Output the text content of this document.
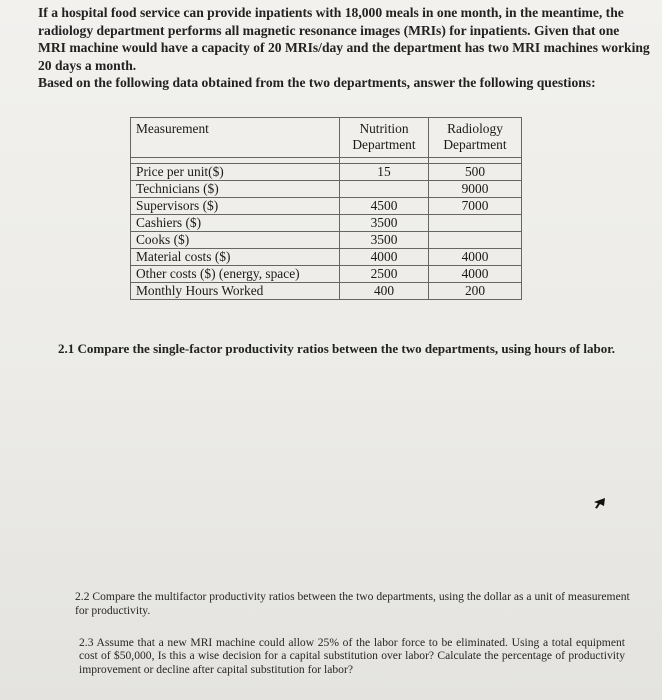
If a hospital food service can provide inpatients with 18,000 meals in one month, in the meantime, the radiology department performs all magnetic resonance images (MRIs) for inpatients. Given that one MRI machine would have a capacity of 20 MRIs/day and the department has two MRI machines working 20 days a month.

Based on the following data obtained from the two departments, answer the following questions:

Measurement	Nutrition Department	Radiology Department

Price per unit($)	15	500
Technicians ($)		9000
Supervisors ($)	4500	7000
Cashiers ($)	3500	
Cooks ($)	3500	
Material costs ($)	4000	4000
Other costs ($) (energy, space)	2500	4000
Monthly Hours Worked	400	200
2.1 Compare the single-factor productivity ratios between the two departments, using hours of labor.
2.2 Compare the multifactor productivity ratios between the two departments, using the dollar as a unit of measurement for productivity.
2.3 Assume that a new MRI machine could allow 25% of the labor force to be eliminated. Using a total equipment cost of $50,000, Is this a wise decision for a capital substitution over labor? Calculate the percentage of productivity improvement or decline after capital substitution for labor?
